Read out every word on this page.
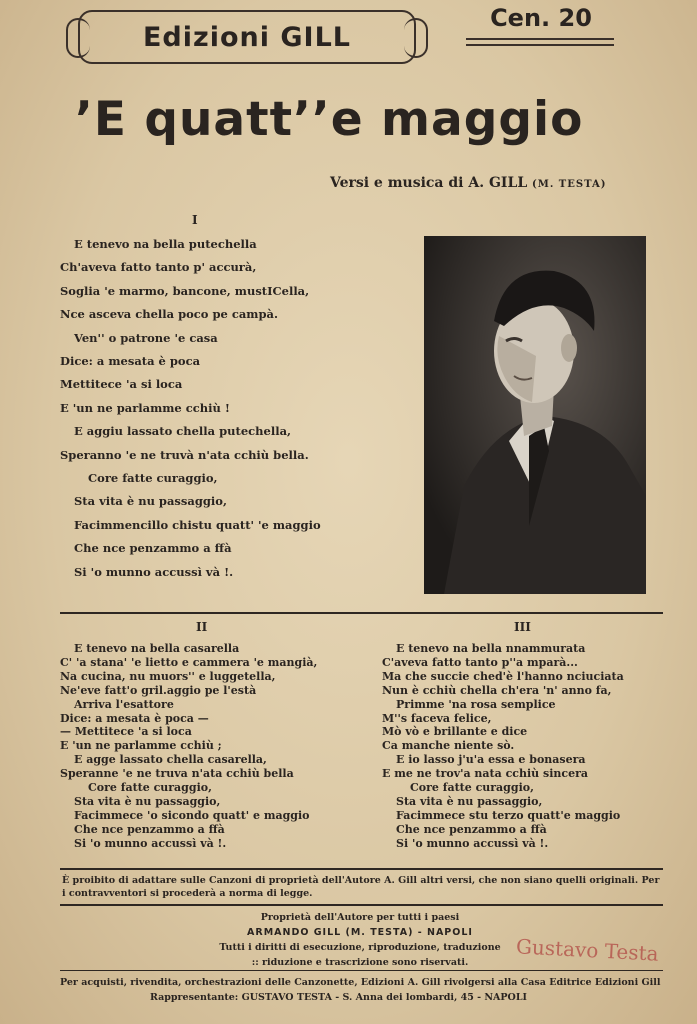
Edizioni GILL
Cen. 20
’E quatt’’e maggio
Versi e musica di A. GILL (M. TESTA)
I
E tenevo na bella putechella
Ch'aveva fatto tanto p' accurà,
Soglia 'e marmo, bancone, mustICella,
Nce asceva chella poco pe campà.
Ven'' o patrone 'e casa
Dice: a mesata è poca
Mettitece 'a si loca
E 'un ne parlamme cchiù !
E aggiu lassato chella putechella,
Speranno 'e ne truvà n'ata cchiù bella.
Core fatte curaggio,
Sta vita è nu passaggio,
Facimmencillo chistu quatt' 'e maggio
Che nce penzammo a ffà
Si 'o munno accussì và !.
II
E tenevo na bella casarella
C' 'a stana' 'e lietto e cammera 'e mangià,
Na cucina, nu muors'' e luggetella,
Ne'eve fatt'o gril.aggio pe l'està
Arriva l'esattore
Dice: a mesata è poca —
— Mettitece 'a si loca
E 'un ne parlamme cchiù ;
E agge lassato chella casarella,
Speranne 'e ne truva n'ata cchiù bella
Core fatte curaggio,
Sta vita è nu passaggio,
Facimmece 'o sicondo quatt' e maggio
Che nce penzammo a ffà
Si 'o munno accussì và !.
III
E tenevo na bella nnammurata
C'aveva fatto tanto p''a mparà...
Ma che succie ched'è l'hanno nciuciata
Nun è cchiù chella ch'era 'n' anno fa,
Primme 'na rosa semplice
M''s faceva felice,
Mò vò e brillante e dice
Ca manche niente sò.
E io lasso j'u'a essa e bonasera
E me ne trov'a nata cchiù sincera
Core fatte curaggio,
Sta vita è nu passaggio,
Facimmece stu terzo quatt'e maggio
Che nce penzammo a ffà
Si 'o munno accussì và !.
È proibito di adattare sulle Canzoni di proprietà dell'Autore A. Gill altri versi, che non siano quelli originali. Per i contravventori si procederà a norma di legge.
Proprietà dell'Autore per tutti i paesi
ARMANDO GILL (M. TESTA) - NAPOLI
Tutti i diritti di esecuzione, riproduzione, traduzione
:: riduzione e trascrizione sono riservati.	Gustavo Testa
Per acquisti, rivendita, orchestrazioni delle Canzonette, Edizioni A. Gill rivolgersi alla Casa Editrice Edizioni Gill
Rappresentante: GUSTAVO TESTA - S. Anna dei lombardi, 45 - NAPOLI
